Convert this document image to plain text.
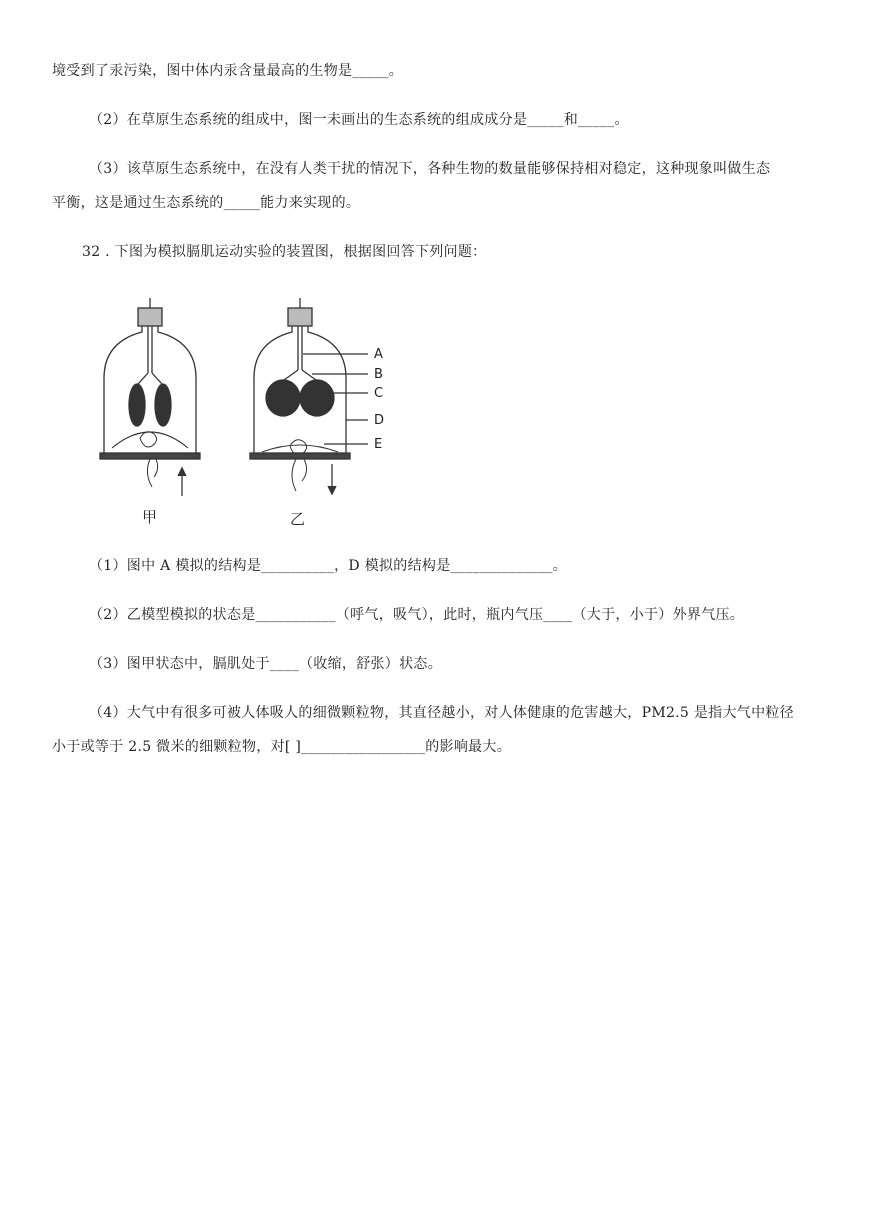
境受到了汞污染，图中体内汞含量最高的生物是_____。
（2）在草原生态系统的组成中，图一未画出的生态系统的组成成分是_____和_____。
（3）该草原生态系统中，在没有人类干扰的情况下，各种生物的数量能够保持相对稳定，这种现象叫做生态
平衡，这是通过生态系统的_____能力来实现的。
32 . 下图为模拟膈肌运动实验的装置图，根据图回答下列问题：
A
B
C
D
E
甲	乙
（1）图中 A 模拟的结构是__________，D 模拟的结构是______________。
（2）乙模型模拟的状态是___________（呼气，吸气），此时，瓶内气压____（大于，小于）外界气压。
（3）图甲状态中，膈肌处于____（收缩，舒张）状态。
（4）大气中有很多可被人体吸人的细微颗粒物，其直径越小，对人体健康的危害越大，PM2.5 是指大气中粒径
小于或等于 2.5 微米的细颗粒物，对[ ]_________________的影响最大。
